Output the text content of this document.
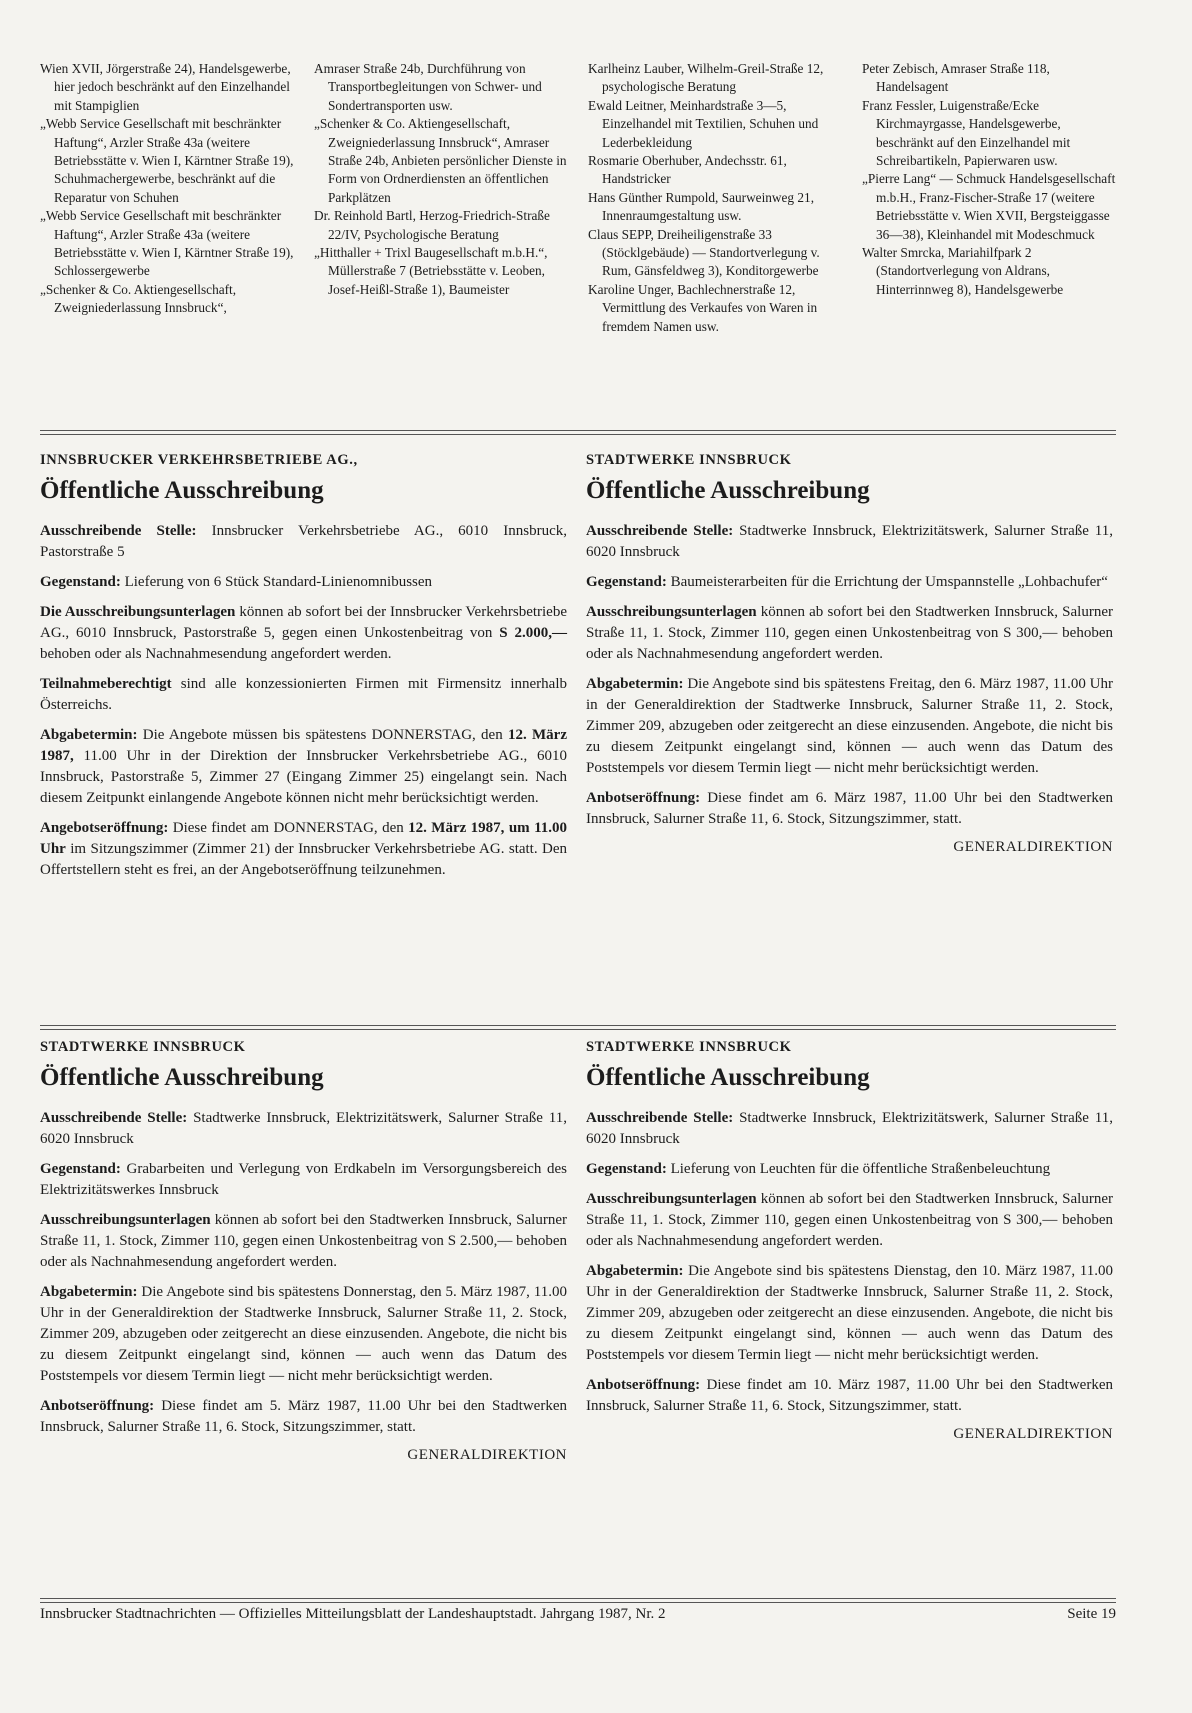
Wien XVII, Jörgerstraße 24), Handelsgewerbe, hier jedoch beschränkt auf den Einzelhandel mit Stampiglien

„Webb Service Gesellschaft mit beschränkter Haftung“, Arzler Straße 43a (weitere Betriebsstätte v. Wien I, Kärntner Straße 19), Schuhmachergewerbe, beschränkt auf die Reparatur von Schuhen

„Webb Service Gesellschaft mit beschränkter Haftung“, Arzler Straße 43a (weitere Betriebsstätte v. Wien I, Kärntner Straße 19), Schlossergewerbe

„Schenker & Co. Aktiengesellschaft, Zweigniederlassung Innsbruck“,

Amraser Straße 24b, Durchführung von Transportbegleitungen von Schwer- und Sondertransporten usw.

„Schenker & Co. Aktiengesellschaft, Zweigniederlassung Innsbruck“, Amraser Straße 24b, Anbieten persönlicher Dienste in Form von Ordnerdiensten an öffentlichen Parkplätzen

Dr. Reinhold Bartl, Herzog-Friedrich-Straße 22/IV, Psychologische Beratung

„Hitthaller + Trixl Baugesellschaft m.b.H.“, Müllerstraße 7 (Betriebsstätte v. Leoben, Josef-Heißl-Straße 1), Baumeister

Karlheinz Lauber, Wilhelm-Greil-Straße 12, psychologische Beratung

Ewald Leitner, Meinhardstraße 3—5, Einzelhandel mit Textilien, Schuhen und Lederbekleidung

Rosmarie Oberhuber, Andechsstr. 61, Handstricker

Hans Günther Rumpold, Saurweinweg 21, Innenraumgestaltung usw.

Claus SEPP, Dreiheiligenstraße 33 (Stöcklgebäude) — Standortverlegung v. Rum, Gänsfeldweg 3), Konditorgewerbe

Karoline Unger, Bachlechnerstraße 12, Vermittlung des Verkaufes von Waren in fremdem Namen usw.

Peter Zebisch, Amraser Straße 118, Handelsagent

Franz Fessler, Luigenstraße/Ecke Kirchmayrgasse, Handelsgewerbe, beschränkt auf den Einzelhandel mit Schreibartikeln, Papierwaren usw.

„Pierre Lang“ — Schmuck Handelsgesellschaft m.b.H., Franz-Fischer-Straße 17 (weitere Betriebsstätte v. Wien XVII, Bergsteiggasse 36—38), Kleinhandel mit Modeschmuck

Walter Smrcka, Mariahilfpark 2 (Standortverlegung von Aldrans, Hinterrinnweg 8), Handelsgewerbe

INNSBRUCKER VERKEHRSBETRIEBE AG.,
Öffentliche Ausschreibung

Ausschreibende Stelle: Innsbrucker Verkehrsbetriebe AG., 6010 Innsbruck, Pastorstraße 5

Gegenstand: Lieferung von 6 Stück Standard-Linienomnibussen

Die Ausschreibungsunterlagen können ab sofort bei der Innsbrucker Verkehrsbetriebe AG., 6010 Innsbruck, Pastorstraße 5, gegen einen Unkostenbeitrag von S 2.000,— behoben oder als Nachnahmesendung angefordert werden.

Teilnahmeberechtigt sind alle konzessionierten Firmen mit Firmensitz innerhalb Österreichs.

Abgabetermin: Die Angebote müssen bis spätestens DONNERSTAG, den 12. März 1987, 11.00 Uhr in der Direktion der Innsbrucker Verkehrsbetriebe AG., 6010 Innsbruck, Pastorstraße 5, Zimmer 27 (Eingang Zimmer 25) eingelangt sein. Nach diesem Zeitpunkt einlangende Angebote können nicht mehr berücksichtigt werden.

Angebotseröffnung: Diese findet am DONNERSTAG, den 12. März 1987, um 11.00 Uhr im Sitzungszimmer (Zimmer 21) der Innsbrucker Verkehrsbetriebe AG. statt. Den Offertstellern steht es frei, an der Angebotseröffnung teilzunehmen.

STADTWERKE INNSBRUCK
Öffentliche Ausschreibung

Ausschreibende Stelle: Stadtwerke Innsbruck, Elektrizitätswerk, Salurner Straße 11, 6020 Innsbruck

Gegenstand: Baumeisterarbeiten für die Errichtung der Umspannstelle „Lohbachufer“

Ausschreibungsunterlagen können ab sofort bei den Stadtwerken Innsbruck, Salurner Straße 11, 1. Stock, Zimmer 110, gegen einen Unkostenbeitrag von S 300,— behoben oder als Nachnahmesendung angefordert werden.

Abgabetermin: Die Angebote sind bis spätestens Freitag, den 6. März 1987, 11.00 Uhr in der Generaldirektion der Stadtwerke Innsbruck, Salurner Straße 11, 2. Stock, Zimmer 209, abzugeben oder zeitgerecht an diese einzusenden. Angebote, die nicht bis zu diesem Zeitpunkt eingelangt sind, können — auch wenn das Datum des Poststempels vor diesem Termin liegt — nicht mehr berücksichtigt werden.

Anbotseröffnung: Diese findet am 6. März 1987, 11.00 Uhr bei den Stadtwerken Innsbruck, Salurner Straße 11, 6. Stock, Sitzungszimmer, statt.

GENERALDIREKTION
STADTWERKE INNSBRUCK
Öffentliche Ausschreibung

Ausschreibende Stelle: Stadtwerke Innsbruck, Elektrizitätswerk, Salurner Straße 11, 6020 Innsbruck

Gegenstand: Grabarbeiten und Verlegung von Erdkabeln im Versorgungsbereich des Elektrizitätswerkes Innsbruck

Ausschreibungsunterlagen können ab sofort bei den Stadtwerken Innsbruck, Salurner Straße 11, 1. Stock, Zimmer 110, gegen einen Unkostenbeitrag von S 2.500,— behoben oder als Nachnahmesendung angefordert werden.

Abgabetermin: Die Angebote sind bis spätestens Donnerstag, den 5. März 1987, 11.00 Uhr in der Generaldirektion der Stadtwerke Innsbruck, Salurner Straße 11, 2. Stock, Zimmer 209, abzugeben oder zeitgerecht an diese einzusenden. Angebote, die nicht bis zu diesem Zeitpunkt eingelangt sind, können — auch wenn das Datum des Poststempels vor diesem Termin liegt — nicht mehr berücksichtigt werden.

Anbotseröffnung: Diese findet am 5. März 1987, 11.00 Uhr bei den Stadtwerken Innsbruck, Salurner Straße 11, 6. Stock, Sitzungszimmer, statt.

GENERALDIREKTION
STADTWERKE INNSBRUCK
Öffentliche Ausschreibung

Ausschreibende Stelle: Stadtwerke Innsbruck, Elektrizitätswerk, Salurner Straße 11, 6020 Innsbruck

Gegenstand: Lieferung von Leuchten für die öffentliche Straßenbeleuchtung

Ausschreibungsunterlagen können ab sofort bei den Stadtwerken Innsbruck, Salurner Straße 11, 1. Stock, Zimmer 110, gegen einen Unkostenbeitrag von S 300,— behoben oder als Nachnahmesendung angefordert werden.

Abgabetermin: Die Angebote sind bis spätestens Dienstag, den 10. März 1987, 11.00 Uhr in der Generaldirektion der Stadtwerke Innsbruck, Salurner Straße 11, 2. Stock, Zimmer 209, abzugeben oder zeitgerecht an diese einzusenden. Angebote, die nicht bis zu diesem Zeitpunkt eingelangt sind, können — auch wenn das Datum des Poststempels vor diesem Termin liegt — nicht mehr berücksichtigt werden.

Anbotseröffnung: Diese findet am 10. März 1987, 11.00 Uhr bei den Stadtwerken Innsbruck, Salurner Straße 11, 6. Stock, Sitzungszimmer, statt.

GENERALDIREKTION
Innsbrucker Stadtnachrichten — Offizielles Mitteilungsblatt der Landeshauptstadt. Jahrgang 1987, Nr. 2	Seite 19
